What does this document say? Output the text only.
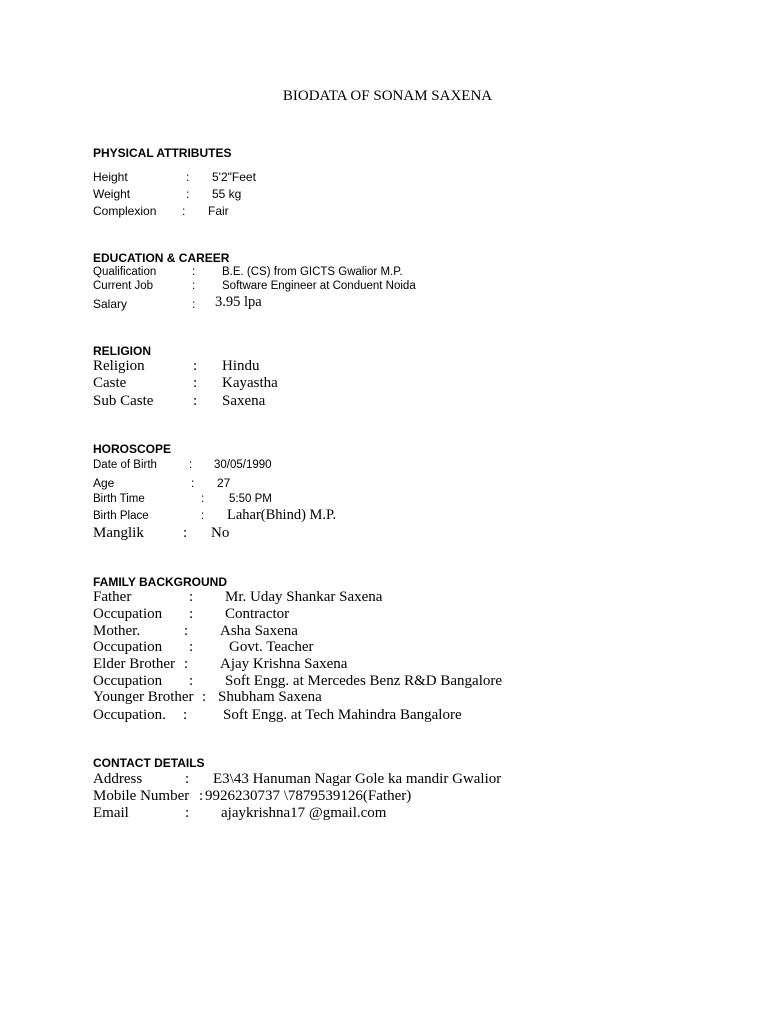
BIODATA OF SONAM SAXENA
PHYSICAL ATTRIBUTES
Height	: 5'2"Feet
Weight	: 55 kg
Complexion : Fair
EDUCATION & CAREER
Qualification	: B.E. (CS) from GICTS Gwalior M.P.
Current Job	: Software Engineer at Conduent Noida
Salary	: 3.95 lpa
RELIGION
Religion	: Hindu
Caste	: Kayastha
Sub Caste	: Saxena
HOROSCOPE
Date of Birth	: 30/05/1990
Age	: 27
Birth Time	: 5:50 PM
Birth Place	: Lahar(Bhind) M.P.
Manglik	: No
FAMILY BACKGROUND
Father	: Mr. Uday Shankar Saxena
Occupation : Contractor
Mother.	: Asha Saxena
Occupation : Govt. Teacher
Elder Brother : Ajay Krishna Saxena
Occupation : Soft Engg. at Mercedes Benz R&D Bangalore
Younger Brother : Shubham Saxena
Occupation. : Soft Engg. at Tech Mahindra Bangalore
CONTACT DETAILS
Address	: E3\43 Hanuman Nagar Gole ka mandir Gwalior
Mobile Number : 9926230737 \7879539126(Father)
Email	: ajaykrishna17 @gmail.com
